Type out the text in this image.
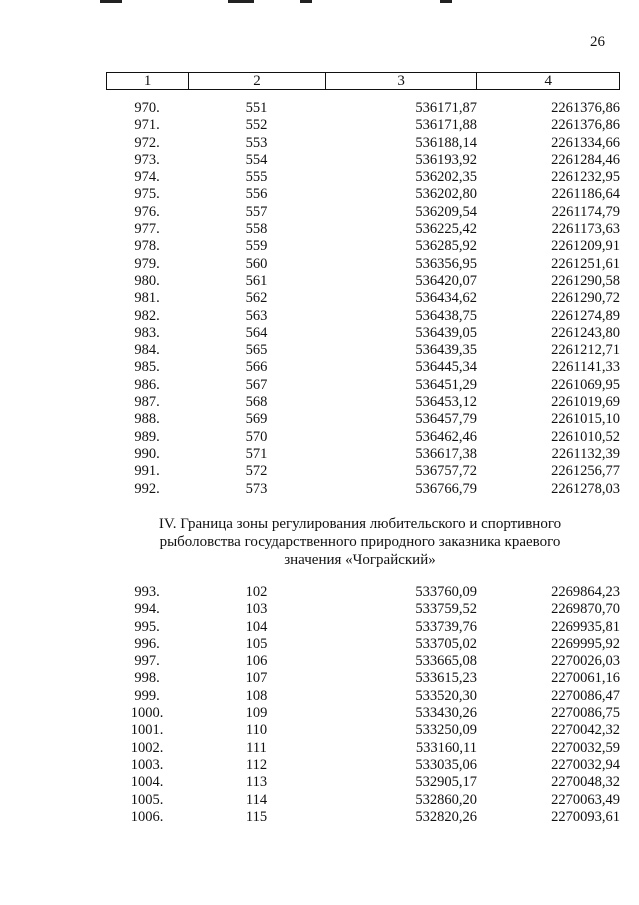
26
1	2	3	4
970.	551	536171,87	2261376,86
971.	552	536171,88	2261376,86
972.	553	536188,14	2261334,66
973.	554	536193,92	2261284,46
974.	555	536202,35	2261232,95
975.	556	536202,80	2261186,64
976.	557	536209,54	2261174,79
977.	558	536225,42	2261173,63
978.	559	536285,92	2261209,91
979.	560	536356,95	2261251,61
980.	561	536420,07	2261290,58
981.	562	536434,62	2261290,72
982.	563	536438,75	2261274,89
983.	564	536439,05	2261243,80
984.	565	536439,35	2261212,71
985.	566	536445,34	2261141,33
986.	567	536451,29	2261069,95
987.	568	536453,12	2261019,69
988.	569	536457,79	2261015,10
989.	570	536462,46	2261010,52
990.	571	536617,38	2261132,39
991.	572	536757,72	2261256,77
992.	573	536766,79	2261278,03
IV. Граница зоны регулирования любительского и спортивного рыболовства государственного природного заказника краевого значения «Чограйский»
993.	102	533760,09	2269864,23
994.	103	533759,52	2269870,70
995.	104	533739,76	2269935,81
996.	105	533705,02	2269995,92
997.	106	533665,08	2270026,03
998.	107	533615,23	2270061,16
999.	108	533520,30	2270086,47
1000.	109	533430,26	2270086,75
1001.	110	533250,09	2270042,32
1002.	111	533160,11	2270032,59
1003.	112	533035,06	2270032,94
1004.	113	532905,17	2270048,32
1005.	114	532860,20	2270063,49
1006.	115	532820,26	2270093,61
